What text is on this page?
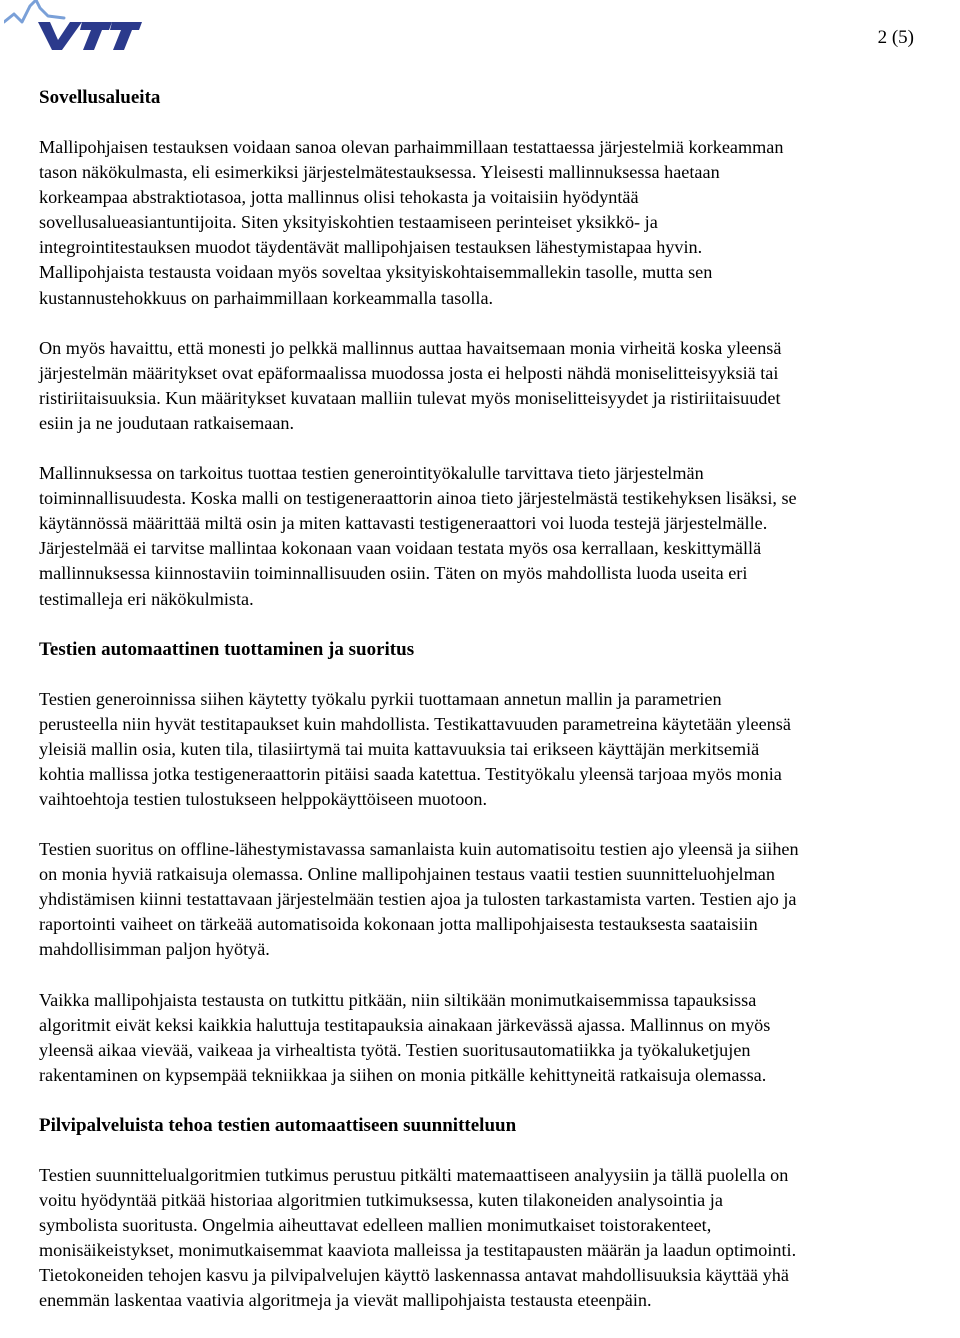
2 (5)
Sovellusalueita
Mallipohjaisen testauksen voidaan sanoa olevan parhaimmillaan testattaessa järjestelmiä korkeamman
tason näkökulmasta, eli esimerkiksi järjestelmätestauksessa. Yleisesti mallinnuksessa haetaan
korkeampaa abstraktiotasoa, jotta mallinnus olisi tehokasta ja voitaisiin hyödyntää
sovellusalueasiantuntijoita. Siten yksityiskohtien testaamiseen perinteiset yksikkö- ja
integrointitestauksen muodot täydentävät mallipohjaisen testauksen lähestymistapaa hyvin.
Mallipohjaista testausta voidaan myös soveltaa yksityiskohtaisemmallekin tasolle, mutta sen
kustannustehokkuus on parhaimmillaan korkeammalla tasolla.
On myös havaittu, että monesti jo pelkkä mallinnus auttaa havaitsemaan monia virheitä koska yleensä
järjestelmän määritykset ovat epäformaalissa muodossa josta ei helposti nähdä moniselitteisyyksiä tai
ristiriitaisuuksia. Kun määritykset kuvataan malliin tulevat myös moniselitteisyydet ja ristiriitaisuudet
esiin ja ne joudutaan ratkaisemaan.
Mallinnuksessa on tarkoitus tuottaa testien generointityökalulle tarvittava tieto järjestelmän
toiminnallisuudesta. Koska malli on testigeneraattorin ainoa tieto järjestelmästä testikehyksen lisäksi, se
käytännössä määrittää miltä osin ja miten kattavasti testigeneraattori voi luoda testejä järjestelmälle.
Järjestelmää ei tarvitse mallintaa kokonaan vaan voidaan testata myös osa kerrallaan, keskittymällä
mallinnuksessa kiinnostaviin toiminnallisuuden osiin. Täten on myös mahdollista luoda useita eri
testimalleja eri näkökulmista.
Testien automaattinen tuottaminen ja suoritus
Testien generoinnissa siihen käytetty työkalu pyrkii tuottamaan annetun mallin ja parametrien
perusteella niin hyvät testitapaukset kuin mahdollista. Testikattavuuden parametreina käytetään yleensä
yleisiä mallin osia, kuten tila, tilasiirtymä tai muita kattavuuksia tai erikseen käyttäjän merkitsemiä
kohtia mallissa jotka testigeneraattorin pitäisi saada katettua. Testityökalu yleensä tarjoaa myös monia
vaihtoehtoja testien tulostukseen helppokäyttöiseen muotoon.
Testien suoritus on offline-lähestymistavassa samanlaista kuin automatisoitu testien ajo yleensä ja siihen
on monia hyviä ratkaisuja olemassa. Online mallipohjainen testaus vaatii testien suunnitteluohjelman
yhdistämisen kiinni testattavaan järjestelmään testien ajoa ja tulosten tarkastamista varten. Testien ajo ja
raportointi vaiheet on tärkeää automatisoida kokonaan jotta mallipohjaisesta testauksesta saataisiin
mahdollisimman paljon hyötyä.
Vaikka mallipohjaista testausta on tutkittu pitkään, niin siltikään monimutkaisemmissa tapauksissa
algoritmit eivät keksi kaikkia haluttuja testitapauksia ainakaan järkevässä ajassa. Mallinnus on myös
yleensä aikaa vievää, vaikeaa ja virhealtista työtä. Testien suoritusautomatiikka ja työkaluketjujen
rakentaminen on kypsempää tekniikkaa ja siihen on monia pitkälle kehittyneitä ratkaisuja olemassa.
Pilvipalveluista tehoa testien automaattiseen suunnitteluun
Testien suunnittelualgoritmien tutkimus perustuu pitkälti matemaattiseen analyysiin ja tällä puolella on
voitu hyödyntää pitkää historiaa algoritmien tutkimuksessa, kuten tilakoneiden analysointia ja
symbolista suoritusta. Ongelmia aiheuttavat edelleen mallien monimutkaiset toistorakenteet,
monisäikeistykset, monimutkaisemmat kaaviota malleissa ja testitapausten määrän ja laadun optimointi.
Tietokoneiden tehojen kasvu ja pilvipalvelujen käyttö laskennassa antavat mahdollisuuksia käyttää yhä
enemmän laskentaa vaativia algoritmeja ja vievät mallipohjaista testausta eteenpäin.
